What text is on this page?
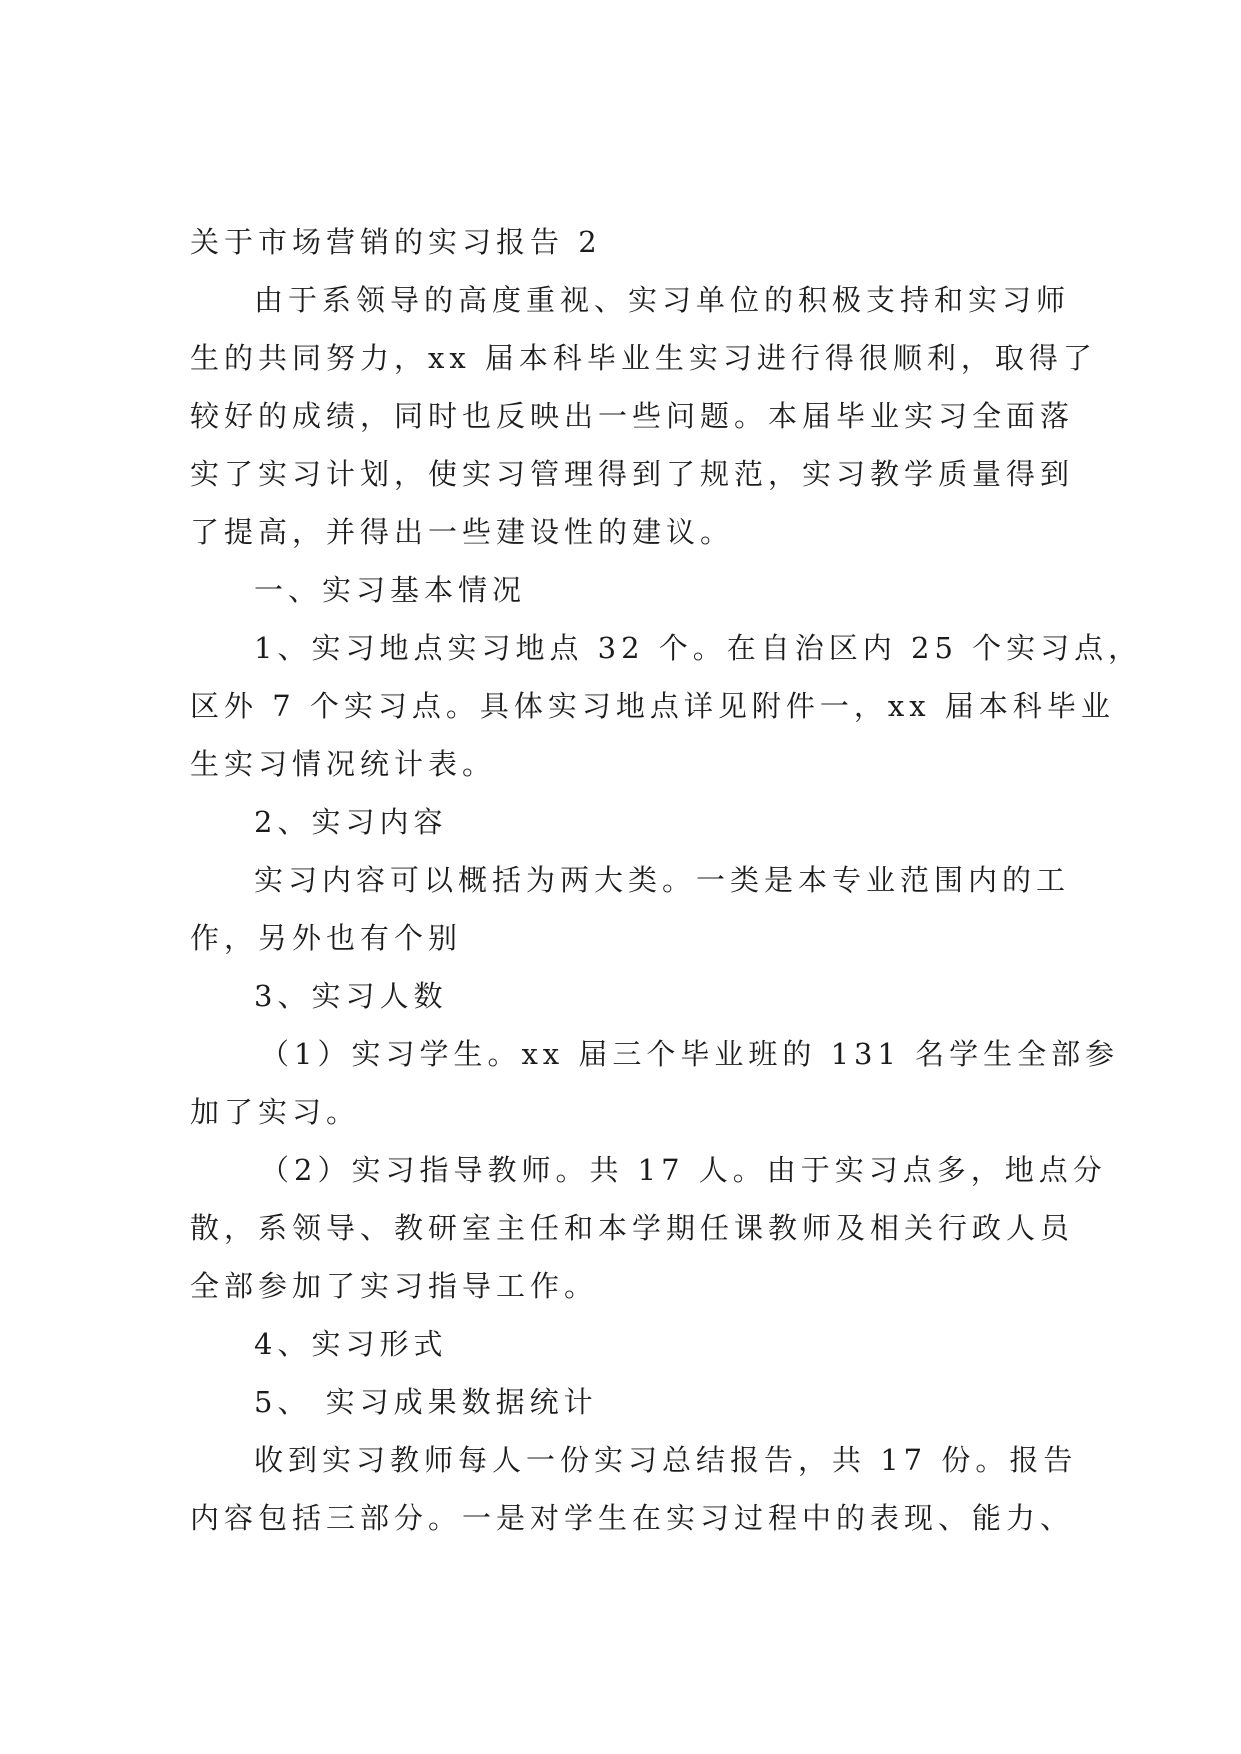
关于市场营销的实习报告 2
由于系领导的高度重视、实习单位的积极支持和实习师
生的共同努力，xx 届本科毕业生实习进行得很顺利，取得了
较好的成绩，同时也反映出一些问题。本届毕业实习全面落
实了实习计划，使实习管理得到了规范，实习教学质量得到
了提高，并得出一些建设性的建议。
一、实习基本情况
1、实习地点实习地点 32 个。在自治区内 25 个实习点，
区外 7 个实习点。具体实习地点详见附件一，xx 届本科毕业
生实习情况统计表。
2、实习内容
实习内容可以概括为两大类。一类是本专业范围内的工
作，另外也有个别
3、实习人数
（1）实习学生。xx 届三个毕业班的 131 名学生全部参
加了实习。
（2）实习指导教师。共 17 人。由于实习点多，地点分
散，系领导、教研室主任和本学期任课教师及相关行政人员
全部参加了实习指导工作。
4、实习形式
5、 实习成果数据统计
收到实习教师每人一份实习总结报告，共 17 份。报告
内容包括三部分。一是对学生在实习过程中的表现、能力、
